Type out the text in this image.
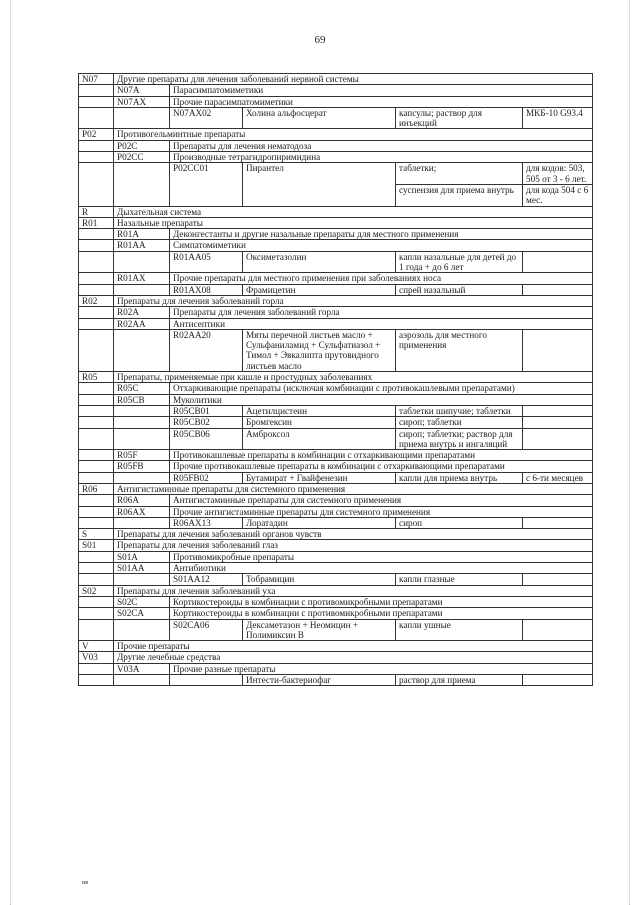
69
N07	Другие препараты для лечения заболеваний нервной системы				
	N07A	Парасимпатомиметики			
	N07AX	Прочие парасимпатомиметики			
		N07AX02	Холина альфосцерат	капсулы; раствор для инъекций	МКБ-10 G93.4
P02	Противогельминтные препараты				
	P02C	Препараты для лечения нематодоза			
	P02CC	Производные тетрагидропиримидина			
		P02CC01	Пирантел	таблетки;	для кодов: 503, 505 от 3 - 6 лет.
				суспензия для приема внутрь	для кода 504 с 6 мес.
R	Дыхательная система				
R01	Назальные препараты				
	R01A	Деконгестанты и другие назальные препараты для местного применения			
	R01AA	Симпатомиметики			
		R01AA05	Оксиметазолин	капли назальные для детей до 1 года + до 6 лет	
	R01AX	Прочие препараты для местного применения при заболеваниях носа			
		R01AX08	Фрамицетин	спрей назальный	
R02	Препараты для лечения заболеваний горла				
	R02A	Препараты для лечения заболеваний горла			
	R02AA	Антисептики			
		R02AA20	Мяты перечной листьев масло + Сульфаниламид + Сульфатиазол + Тимол + Эвкалипта прутовидного листьев масло	аэрозоль для местного применения	
R05	Препараты, применяемые при кашле и простудных заболеваниях				
	R05C	Отхаркивающие препараты (исключая комбинации с противокашлевыми препаратами)			
	R05CB	Муколитики			
		R05CB01	Ацетилцистеин	таблетки шипучие; таблетки	
		R05CB02	Бромгексин	сироп; таблетки	
		R05CB06	Амброксол	сироп; таблетки; раствор для приема внутрь и ингаляций	
	R05F	Противокашлевые препараты в комбинации с отхаркивающими препаратами			
	R05FB	Прочие противокашлевые препараты в комбинации с отхаркивающими препаратами			
		R05FB02	Бутамират + Гвайфенезин	капли для приема внутрь	с 6-ти месяцев
R06	Антигистаминные препараты для системного применения				
	R06A	Антигистаминные препараты для системного применения			
	R06AX	Прочие антигистаминные препараты для системного применения			
		R06AX13	Лоратадин	сироп	
S	Препараты для лечения заболеваний органов чувств				
S01	Препараты для лечения заболеваний глаз				
	S01A	Противомикробные препараты			
	S01AA	Антибиотики			
		S01AA12	Тобрамицин	капли глазные	
S02	Препараты для лечения заболеваний уха				
	S02C	Кортикостероиды в комбинации с противомикробными препаратами			
	S02CA	Кортикостероиды в комбинации с противомикробными препаратами			
		S02CA06	Дексаметазон + Неомицин + Полимиксин В	капли ушные	
V	Прочие препараты				
V03	Другие лечебные средства				
	V03A	Прочие разные препараты			
			Интести-бактериофаг	раствор для приема	
нв
